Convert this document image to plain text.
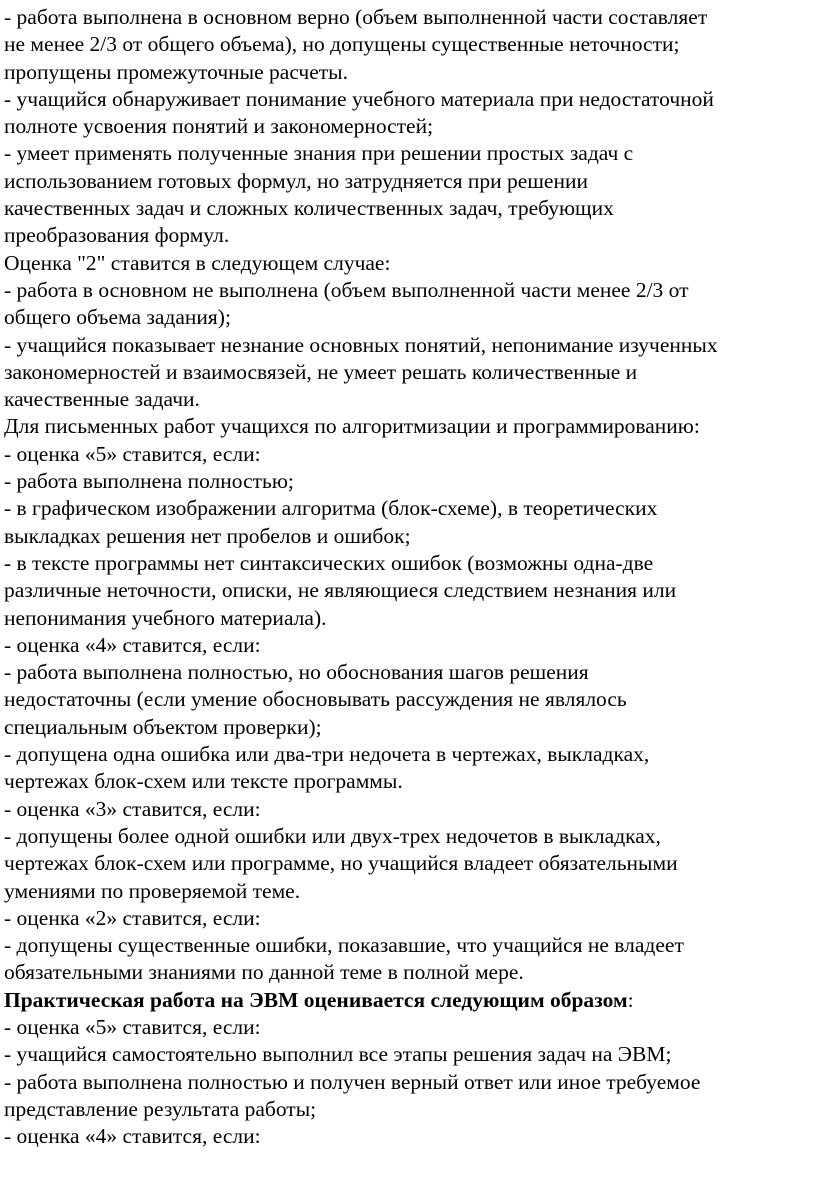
- работа выполнена в основном верно (объем выполненной части составляет
не менее 2/3 от общего объема), но допущены существенные неточности;
пропущены промежуточные расчеты.
- учащийся обнаруживает понимание учебного материала при недостаточной
полноте усвоения понятий и закономерностей;
- умеет применять полученные знания при решении простых задач с
использованием готовых формул, но затрудняется при решении
качественных задач и сложных количественных задач, требующих
преобразования формул.
Оценка "2" ставится в следующем случае:
- работа в основном не выполнена (объем выполненной части менее 2/3 от
общего объема задания);
- учащийся показывает незнание основных понятий, непонимание изученных
закономерностей и взаимосвязей, не умеет решать количественные и
качественные задачи.
Для письменных работ учащихся по алгоритмизации и программированию:
- оценка «5» ставится, если:
- работа выполнена полностью;
- в графическом изображении алгоритма (блок-схеме), в теоретических
выкладках решения нет пробелов и ошибок;
- в тексте программы нет синтаксических ошибок (возможны одна-две
различные неточности, описки, не являющиеся следствием незнания или
непонимания учебного материала).
- оценка «4» ставится, если:
- работа выполнена полностью, но обоснования шагов решения
недостаточны (если умение обосновывать рассуждения не являлось
специальным объектом проверки);
- допущена одна ошибка или два-три недочета в чертежах, выкладках,
чертежах блок-схем или тексте программы.
- оценка «3» ставится, если:
- допущены более одной ошибки или двух-трех недочетов в выкладках,
чертежах блок-схем или программе, но учащийся владеет обязательными
умениями по проверяемой теме.
- оценка «2» ставится, если:
- допущены существенные ошибки, показавшие, что учащийся не владеет
обязательными знаниями по данной теме в полной мере.
Практическая работа на ЭВМ оценивается следующим образом:
- оценка «5» ставится, если:
- учащийся самостоятельно выполнил все этапы решения задач на ЭВМ;
- работа выполнена полностью и получен верный ответ или иное требуемое
представление результата работы;
- оценка «4» ставится, если:
